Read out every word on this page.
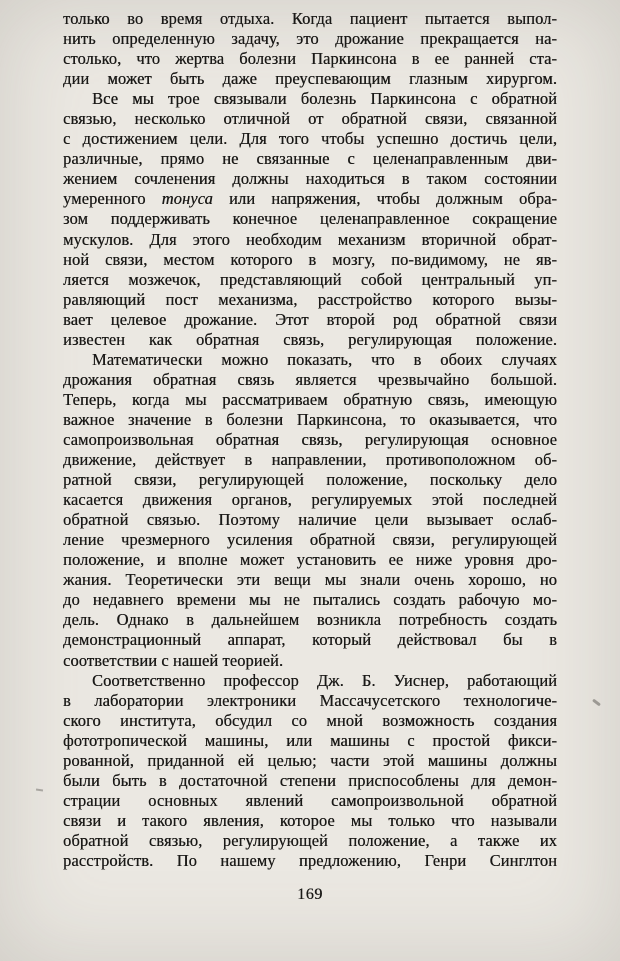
только во время отдыха. Когда пациент пытается выпол-
нить определенную задачу, это дрожание прекращается на-
столько, что жертва болезни Паркинсона в ее ранней ста-
дии может быть даже преуспевающим глазным хирургом.
Все мы трое связывали болезнь Паркинсона с обратной
связью, несколько отличной от обратной связи, связанной
с достижением цели. Для того чтобы успешно достичь цели,
различные, прямо не связанные с целенаправленным дви-
жением сочленения должны находиться в таком состоянии
умеренного тонуса или напряжения, чтобы должным обра-
зом поддерживать конечное целенаправленное сокращение
мускулов. Для этого необходим механизм вторичной обрат-
ной связи, местом которого в мозгу, по-видимому, не яв-
ляется мозжечок, представляющий собой центральный уп-
равляющий пост механизма, расстройство которого вызы-
вает целевое дрожание. Этот второй род обратной связи
известен как обратная связь, регулирующая положение.
Математически можно показать, что в обоих случаях
дрожания обратная связь является чрезвычайно большой.
Теперь, когда мы рассматриваем обратную связь, имеющую
важное значение в болезни Паркинсона, то оказывается, что
самопроизвольная обратная связь, регулирующая основное
движение, действует в направлении, противоположном об-
ратной связи, регулирующей положение, поскольку дело
касается движения органов, регулируемых этой последней
обратной связью. Поэтому наличие цели вызывает ослаб-
ление чрезмерного усиления обратной связи, регулирующей
положение, и вполне может установить ее ниже уровня дро-
жания. Теоретически эти вещи мы знали очень хорошо, но
до недавнего времени мы не пытались создать рабочую мо-
дель. Однако в дальнейшем возникла потребность создать
демонстрационный аппарат, который действовал бы в
соответствии с нашей теорией.
Соответственно профессор Дж. Б. Уиснер, работающий
в лаборатории электроники Массачусетского технологиче-
ского института, обсудил со мной возможность создания
фототропической машины, или машины с простой фикси-
рованной, приданной ей целью; части этой машины должны
были быть в достаточной степени приспособлены для демон-
страции основных явлений самопроизвольной обратной
связи и такого явления, которое мы только что называли
обратной связью, регулирующей положение, а также их
расстройств. По нашему предложению, Генри Синглтон
169
